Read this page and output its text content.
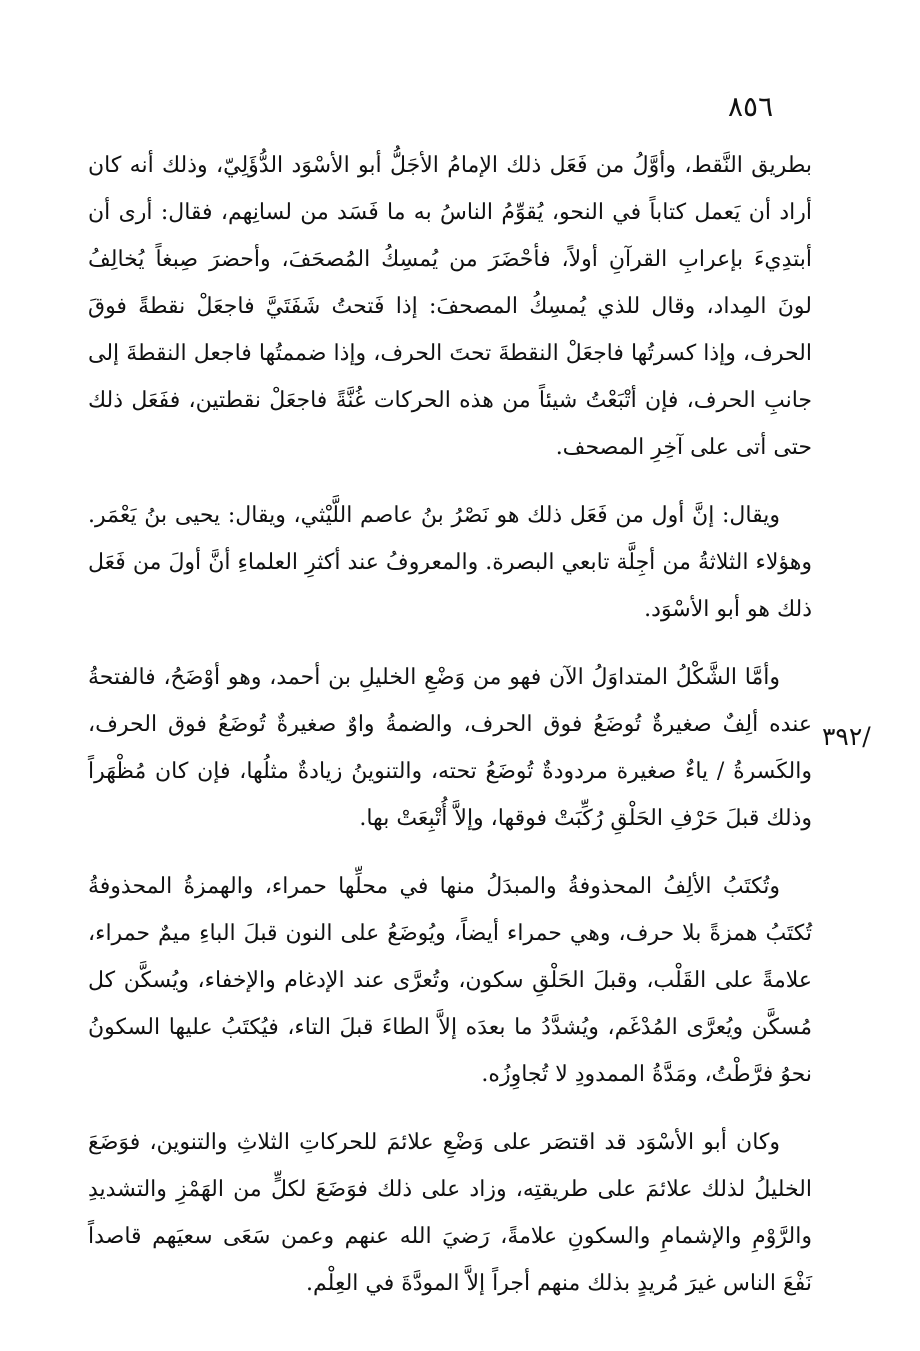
٨٥٦
/٣٩٢

بطريق النَّقط، وأوَّلُ من فَعَل ذلك الإمامُ الأجَلُّ أبو الأسْوَد الدُّؤَلِيّ، وذلك أنه كان أراد أن يَعمل كتاباً في النحو، يُقوِّمُ الناسُ به ما فَسَد من لسانِهم، فقال: أرى أن أبتدِيءَ بإعرابِ القرآنِ أولاً، فأحْضَرَ من يُمسِكُ المُصحَفَ، وأحضرَ صِبغاً يُخالِفُ لونَ المِداد، وقال للذي يُمسِكُ المصحفَ: إذا فَتحتُ شَفَتَيَّ فاجعَلْ نقطةً فوقَ الحرف، وإذا كسرتُها فاجعَلْ النقطةَ تحتَ الحرف، وإذا ضممتُها فاجعل النقطةَ إلى جانبِ الحرف، فإن أتْبَعْتُ شيئاً من هذه الحركات غُنَّةً فاجعَلْ نقطتين، ففَعَل ذلك حتى أتى على آخِرِ المصحف.

ويقال: إنَّ أول من فَعَل ذلك هو نَصْرُ بنُ عاصم اللَّيْثي، ويقال: يحيى بنُ يَعْمَر. وهؤلاء الثلاثةُ من أجِلَّة تابعي البصرة. والمعروفُ عند أكثرِ العلماءِ أنَّ أولَ من فَعَل ذلك هو أبو الأسْوَد.

وأمَّا الشَّكْلُ المتداوَلُ الآن فهو من وَضْعِ الخليلِ بن أحمد، وهو أوْضَحُ، فالفتحةُ عنده ألِفٌ صغيرةٌ تُوضَعُ فوق الحرف، والضمةُ واوٌ صغيرةٌ تُوضَعُ فوق الحرف، والكَسرةُ / ياءٌ صغيرة مردودةٌ تُوضَعُ تحته، والتنوينُ زيادةٌ مثلُها، فإن كان مُظْهَراً وذلك قبلَ حَرْفِ الحَلْقِ رُكِّبَتْ فوقها، وإلاَّ أُتْبِعَتْ بها.

وتُكتَبُ الألِفُ المحذوفةُ والمبدَلُ منها في محلِّها حمراء، والهمزةُ المحذوفةُ تُكتَبُ همزةً بلا حرف، وهي حمراء أيضاً، ويُوضَعُ على النون قبلَ الباءِ ميمٌ حمراء، علامةً على القَلْب، وقبلَ الحَلْقِ سكون، وتُعرَّى عند الإدغام والإخفاء، ويُسكَّن كل مُسكَّن ويُعرَّى المُدْغَم، ويُشدَّدُ ما بعدَه إلاَّ الطاءَ قبلَ التاء، فيُكتَبُ عليها السكونُ نحوُ فرَّطْتُ، ومَدَّةُ الممدودِ لا تُجاوِزُه.

وكان أبو الأسْوَد قد اقتصَر على وَضْعِ علائمَ للحركاتِ الثلاثِ والتنوين، فوَضَعَ الخليلُ لذلك علائمَ على طريقتِه، وزاد على ذلك فوَضَعَ لكلٍّ من الهَمْزِ والتشديدِ والرَّوْمِ والإشمامِ والسكونِ علامةً، رَضيَ الله عنهم وعمن سَعَى سعيَهم قاصداً نَفْعَ الناس غيرَ مُريدٍ بذلك منهم أجراً إلاَّ المودَّةَ في العِلْم.
